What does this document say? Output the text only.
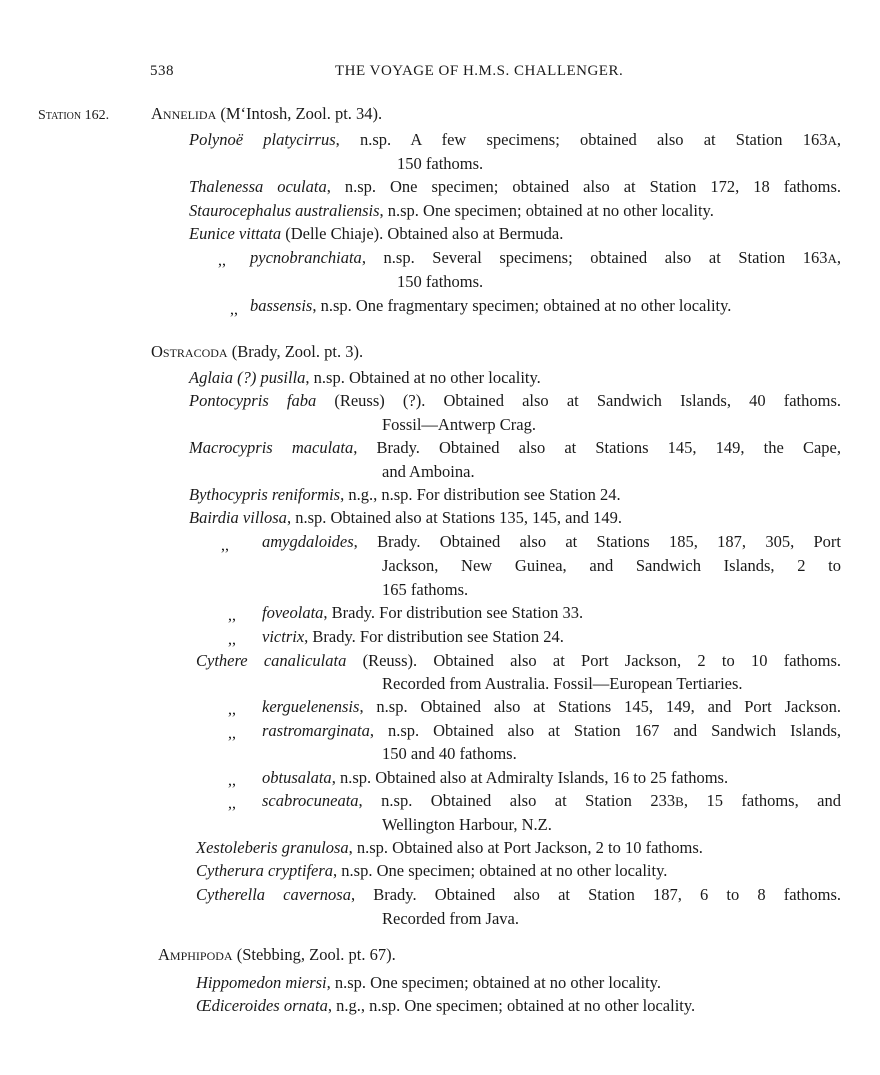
538	THE VOYAGE OF H.M.S. CHALLENGER.
Station 162.	Annelida (M‘Intosh, Zool. pt. 34).
Polynoë platycirrus, n.sp. A few specimens; obtained also at Station 163A,
150 fathoms.
Thalenessa oculata, n.sp. One specimen; obtained also at Station 172, 18 fathoms.
Staurocephalus australiensis, n.sp. One specimen; obtained at no other locality.
Eunice vittata (Delle Chiaje). Obtained also at Bermuda.
,, pycnobranchiata, n.sp. Several specimens; obtained also at Station 163A,
150 fathoms.
,, bassensis, n.sp. One fragmentary specimen; obtained at no other locality.
Ostracoda (Brady, Zool. pt. 3).
Aglaia (?) pusilla, n.sp. Obtained at no other locality.
Pontocypris faba (Reuss) (?). Obtained also at Sandwich Islands, 40 fathoms.
Fossil—Antwerp Crag.
Macrocypris maculata, Brady. Obtained also at Stations 145, 149, the Cape,
and Amboina.
Bythocypris reniformis, n.g., n.sp. For distribution see Station 24.
Bairdia villosa, n.sp. Obtained also at Stations 135, 145, and 149.
,, amygdaloides, Brady. Obtained also at Stations 185, 187, 305, Port
Jackson, New Guinea, and Sandwich Islands, 2 to
165 fathoms.
,, foveolata, Brady. For distribution see Station 33.
,, victrix, Brady. For distribution see Station 24.
Cythere canaliculata (Reuss). Obtained also at Port Jackson, 2 to 10 fathoms.
Recorded from Australia. Fossil—European Tertiaries.
,, kerguelenensis, n.sp. Obtained also at Stations 145, 149, and Port Jackson.
,, rastromarginata, n.sp. Obtained also at Station 167 and Sandwich Islands,
150 and 40 fathoms.
,, obtusalata, n.sp. Obtained also at Admiralty Islands, 16 to 25 fathoms.
,, scabrocuneata, n.sp. Obtained also at Station 233B, 15 fathoms, and
Wellington Harbour, N.Z.
Xestoleberis granulosa, n.sp. Obtained also at Port Jackson, 2 to 10 fathoms.
Cytherura cryptifera, n.sp. One specimen; obtained at no other locality.
Cytherella cavernosa, Brady. Obtained also at Station 187, 6 to 8 fathoms.
Recorded from Java.
Amphipoda (Stebbing, Zool. pt. 67).
Hippomedon miersi, n.sp. One specimen; obtained at no other locality.
Œdiceroides ornata, n.g., n.sp. One specimen; obtained at no other locality.
